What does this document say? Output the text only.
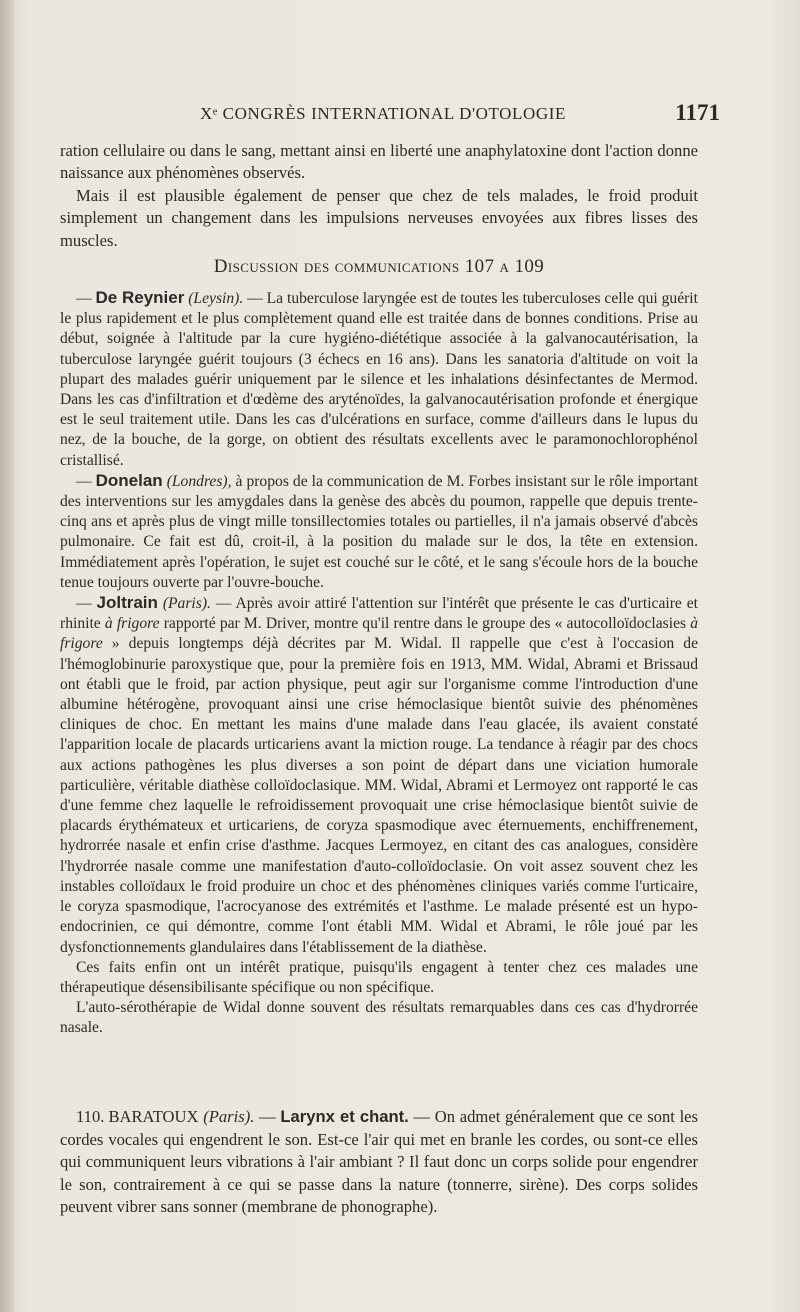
Xᵉ CONGRÈS INTERNATIONAL D'OTOLOGIE	1171

ration cellulaire ou dans le sang, mettant ainsi en liberté une anaphylatoxine dont l'action donne naissance aux phénomènes observés.

Mais il est plausible également de penser que chez de tels malades, le froid produit simplement un changement dans les impulsions nerveuses envoyées aux fibres lisses des muscles.

Discussion des communications 107 a 109

— De Reynier (Leysin). — La tuberculose laryngée est de toutes les tuberculoses celle qui guérit le plus rapidement et le plus complètement quand elle est traitée dans de bonnes conditions. Prise au début, soignée à l'altitude par la cure hygiéno-diététique associée à la galvanocautérisation, la tuberculose laryngée guérit toujours (3 échecs en 16 ans). Dans les sanatoria d'altitude on voit la plupart des malades guérir uniquement par le silence et les inhalations désinfectantes de Mermod. Dans les cas d'infiltration et d'œdème des aryténoïdes, la galvanocautérisation profonde et énergique est le seul traitement utile. Dans les cas d'ulcérations en surface, comme d'ailleurs dans le lupus du nez, de la bouche, de la gorge, on obtient des résultats excellents avec le paramonochlorophénol cristallisé.

— Donelan (Londres), à propos de la communication de M. Forbes insistant sur le rôle important des interventions sur les amygdales dans la genèse des abcès du poumon, rappelle que depuis trente-cinq ans et après plus de vingt mille tonsillectomies totales ou partielles, il n'a jamais observé d'abcès pulmonaire. Ce fait est dû, croit-il, à la position du malade sur le dos, la tête en extension. Immédiatement après l'opération, le sujet est couché sur le côté, et le sang s'écoule hors de la bouche tenue toujours ouverte par l'ouvre-bouche.

— Joltrain (Paris). — Après avoir attiré l'attention sur l'intérêt que présente le cas d'urticaire et rhinite à frigore rapporté par M. Driver, montre qu'il rentre dans le groupe des « autocolloïdoclasies à frigore » depuis longtemps déjà décrites par M. Widal. Il rappelle que c'est à l'occasion de l'hémoglobinurie paroxystique que, pour la première fois en 1913, MM. Widal, Abrami et Brissaud ont établi que le froid, par action physique, peut agir sur l'organisme comme l'introduction d'une albumine hétérogène, provoquant ainsi une crise hémoclasique bientôt suivie des phénomènes cliniques de choc. En mettant les mains d'une malade dans l'eau glacée, ils avaient constaté l'apparition locale de placards urticariens avant la miction rouge. La tendance à réagir par des chocs aux actions pathogènes les plus diverses a son point de départ dans une viciation humorale particulière, véritable diathèse colloïdoclasique. MM. Widal, Abrami et Lermoyez ont rapporté le cas d'une femme chez laquelle le refroidissement provoquait une crise hémoclasique bientôt suivie de placards érythémateux et urticariens, de coryza spasmodique avec éternuements, enchiffrenement, hydrorrée nasale et enfin crise d'asthme. Jacques Lermoyez, en citant des cas analogues, considère l'hydrorrée nasale comme une manifestation d'auto-colloïdoclasie. On voit assez souvent chez les instables colloïdaux le froid produire un choc et des phénomènes cliniques variés comme l'urticaire, le coryza spasmodique, l'acrocyanose des extrémités et l'asthme. Le malade présenté est un hypo-endocrinien, ce qui démontre, comme l'ont établi MM. Widal et Abrami, le rôle joué par les dysfonctionnements glandulaires dans l'établissement de la diathèse.

Ces faits enfin ont un intérêt pratique, puisqu'ils engagent à tenter chez ces malades une thérapeutique désensibilisante spécifique ou non spécifique.

L'auto-sérothérapie de Widal donne souvent des résultats remarquables dans ces cas d'hydrorrée nasale.

110. BARATOUX (Paris). — Larynx et chant. — On admet généralement que ce sont les cordes vocales qui engendrent le son. Est-ce l'air qui met en branle les cordes, ou sont-ce elles qui communiquent leurs vibrations à l'air ambiant ? Il faut donc un corps solide pour engendrer le son, contrairement à ce qui se passe dans la nature (tonnerre, sirène). Des corps solides peuvent vibrer sans sonner (membrane de phonographe).
